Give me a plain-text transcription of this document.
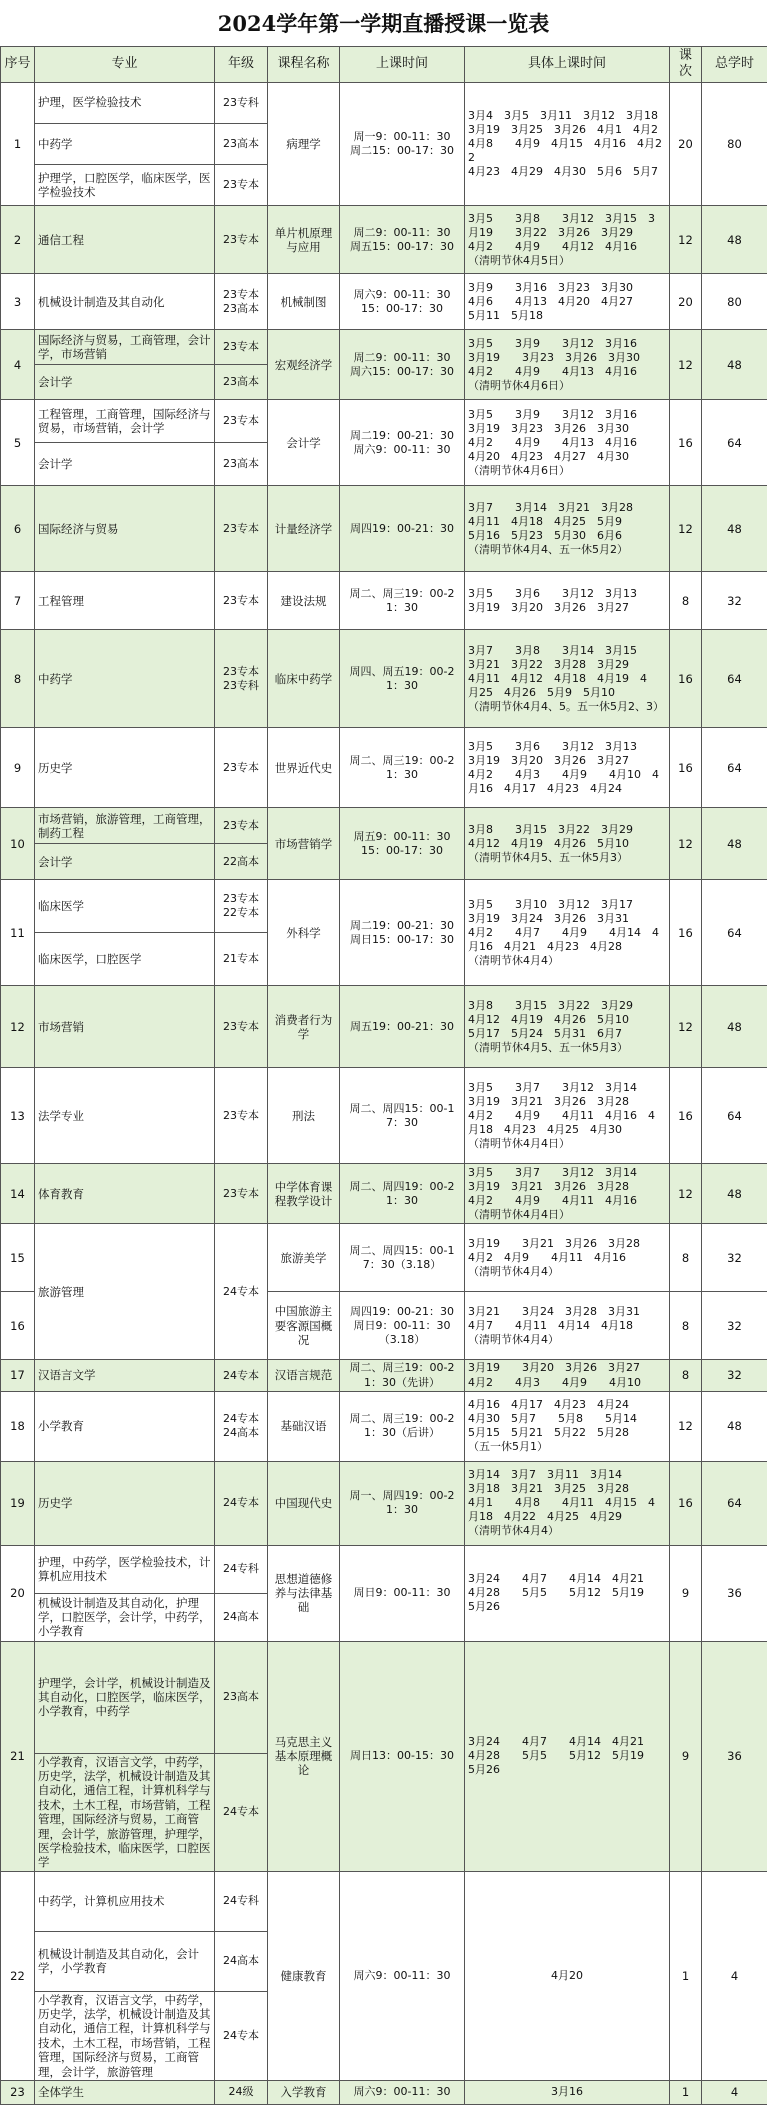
2024学年第一学期直播授课一览表
序号	专业	年级	课程名称	上课时间	具体上课时间	课次	总学时
1	护理，医学检验技术	23专科	病理学	周一9：00-11：30
周二15：00-17：30	3月4　3月5　3月11　3月12　3月18
3月19　3月25　3月26　4月1　4月2
4月8　　4月9　4月15　4月16　4月22
4月23　4月29　4月30　5月6　5月7	20	80
	中药学	23高本					
	护理学，口腔医学，临床医学，医学检验技术	23专本					
2	通信工程	23专本	单片机原理与应用	周二9：00-11：30
周五15：00-17：30	3月5　　3月8　　3月12　3月15　3
月19　　3月22　3月26　3月29
4月2　　4月9　　4月12　4月16
（清明节休4月5日）	12	48
3	机械设计制造及其自动化	23专本
23高本	机械制图	周六9：00-11：30
15：00-17：30	3月9　　3月16　3月23　3月30
4月6　　4月13　4月20　4月27
5月11　5月18	20	80
4	国际经济与贸易，工商管理，会计学，市场营销	23专本	宏观经济学	周二9：00-11：30
周六15：00-17：30	3月5　　3月9　　3月12　3月16
3月19　　3月23　3月26　3月30
4月2　　4月9　　4月13　4月16
（清明节休4月6日）	12	48
	会计学	23高本					
5	工程管理，工商管理，国际经济与贸易，市场营销，会计学	23专本	会计学	周二19：00-21：30
周六9：00-11：30	3月5　　3月9　　3月12　3月16
3月19　3月23　3月26　3月30
4月2　　4月9　　4月13　4月16
4月20　4月23　4月27　4月30
（清明节休4月6日）	16	64
	会计学	23高本					
6	国际经济与贸易	23专本	计量经济学	周四19：00-21：30	3月7　　3月14　3月21　3月28
4月11　4月18　4月25　5月9
5月16　5月23　5月30　6月6
（清明节休4月4、五一休5月2）	12	48
7	工程管理	23专本	建设法规	周二、周三19：00-21：30	3月5　　3月6　　3月12　3月13
3月19　3月20　3月26　3月27	8	32
8	中药学	23专本
23专科	临床中药学	周四、周五19：00-21：30	3月7　　3月8　　3月14　3月15
3月21　3月22　3月28　3月29
4月11　4月12　4月18　4月19　4
月25　4月26　5月9　5月10
（清明节休4月4、5。五一休5月2、3）	16	64
9	历史学	23专本	世界近代史	周二、周三19：00-21：30	3月5　　3月6　　3月12　3月13
3月19　3月20　3月26　3月27
4月2　　4月3　　4月9　　4月10　4
月16　4月17　4月23　4月24	16	64
10	市场营销，旅游管理，工商管理，制药工程	23专本	市场营销学	周五9：00-11：30
15：00-17：30	3月8　　3月15　3月22　3月29
4月12　4月19　4月26　5月10
（清明节休4月5、五一休5月3）	12	48
	会计学	22高本					
11	临床医学	23专本
22专本	外科学	周二19：00-21：30
周日15：00-17：30	3月5　　3月10　3月12　3月17
3月19　3月24　3月26　3月31
4月2　　4月7　　4月9　　4月14　4
月16　4月21　4月23　4月28
（清明节休4月4）	16	64
	临床医学，口腔医学	21专本					
12	市场营销	23专本	消费者行为学	周五19：00-21：30	3月8　　3月15　3月22　3月29
4月12　4月19　4月26　5月10
5月17　5月24　5月31　6月7
（清明节休4月5、五一休5月3）	12	48
13	法学专业	23专本	刑法	周二、周四15：00-17：30	3月5　　3月7　　3月12　3月14
3月19　3月21　3月26　3月28
4月2　　4月9　　4月11　4月16　4
月18　4月23　4月25　4月30
（清明节休4月4日）	16	64
14	体育教育	23专本	中学体育课程教学设计	周二、周四19：00-21：30	3月5　　3月7　　3月12　3月14
3月19　3月21　3月26　3月28
4月2　　4月9　　4月11　4月16
（清明节休4月4日）	12	48
15	旅游管理	24专本	旅游美学	周二、周四15：00-17：30（3.18）	3月19　　3月21　3月26　3月28
4月2　4月9　　4月11　4月16
（清明节休4月4）	8	32
16			中国旅游主要客源国概况	周四19：00-21：30
周日9：00-11：30（3.18）	3月21　　3月24　3月28　3月31
4月7　　4月11　4月14　4月18
（清明节休4月4）	8	32
17	汉语言文学	24专本	汉语言规范	周二、周三19：00-21：30（先讲）	3月19　　3月20　3月26　3月27
4月2　　4月3　　4月9　　4月10	8	32
18	小学教育	24专本
24高本	基础汉语	周二、周三19：00-21：30（后讲）	4月16　4月17　4月23　4月24
4月30　5月7　　5月8　　5月14
5月15　5月21　5月22　5月28
（五一休5月1）	12	48
19	历史学	24专本	中国现代史	周一、周四19：00-21：30	3月14　3月7　3月11　3月14
3月18　3月21　3月25　3月28
4月1　　4月8　　4月11　4月15　4
月18　4月22　4月25　4月29
（清明节休4月4）	16	64
20	护理，中药学，医学检验技术，计算机应用技术	24专科	思想道德修养与法律基础	周日9：00-11：30	3月24　　4月7　　4月14　4月21
4月28　　5月5　　5月12　5月19
5月26	9	36
	机械设计制造及其自动化，护理学，口腔医学，会计学，中药学，小学教育	24高本					
21	护理学，会计学，机械设计制造及其自动化，口腔医学，临床医学，小学教育，中药学	23高本	马克思主义基本原理概论	周日13：00-15：30	3月24　　4月7　　4月14　4月21
4月28　　5月5　　5月12　5月19
5月26	9	36
	小学教育，汉语言文学，中药学，历史学，法学，机械设计制造及其自动化，通信工程，计算机科学与技术，土木工程，市场营销，工程管理，国际经济与贸易，工商管理，会计学，旅游管理，护理学，医学检验技术，临床医学，口腔医学	24专本					
22	中药学，计算机应用技术	24专科	健康教育	周六9：00-11：30	4月20	1	4
	机械设计制造及其自动化，会计学，小学教育	24高本					
	小学教育，汉语言文学，中药学，历史学，法学，机械设计制造及其自动化，通信工程，计算机科学与技术，土木工程，市场营销，工程管理，国际经济与贸易，工商管理，会计学，旅游管理	24专本					
23	全体学生	24级	入学教育	周六9：00-11：30	3月16	1	4
